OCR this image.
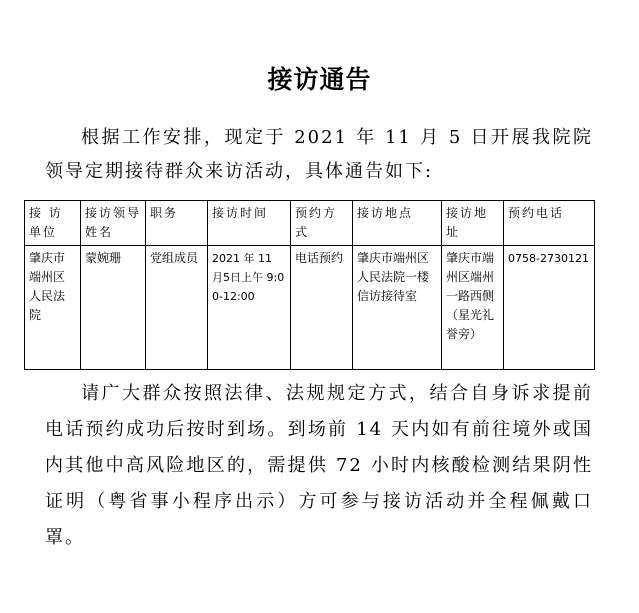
接访通告
根据工作安排，现定于 2021 年 11 月 5 日开展我院院领导定期接待群众来访活动，具体通告如下:
接 访单位	接访领导姓名	职务	接访时间	预约方式	接访地点	接访地址	预约电话
肇庆市端州区人民法院	蒙婉珊	党组成员	2021 年 11 月5日上午 9:00-12:00	电话预约	肇庆市端州区人民法院一楼信访接待室	肇庆市端州区端州一路西侧（星光礼誉旁）	0758-2730121
请广大群众按照法律、法规规定方式，结合自身诉求提前电话预约成功后按时到场。到场前 14 天内如有前往境外或国内其他中高风险地区的，需提供 72 小时内核酸检测结果阴性证明（粤省事小程序出示）方可参与接访活动并全程佩戴口罩。
